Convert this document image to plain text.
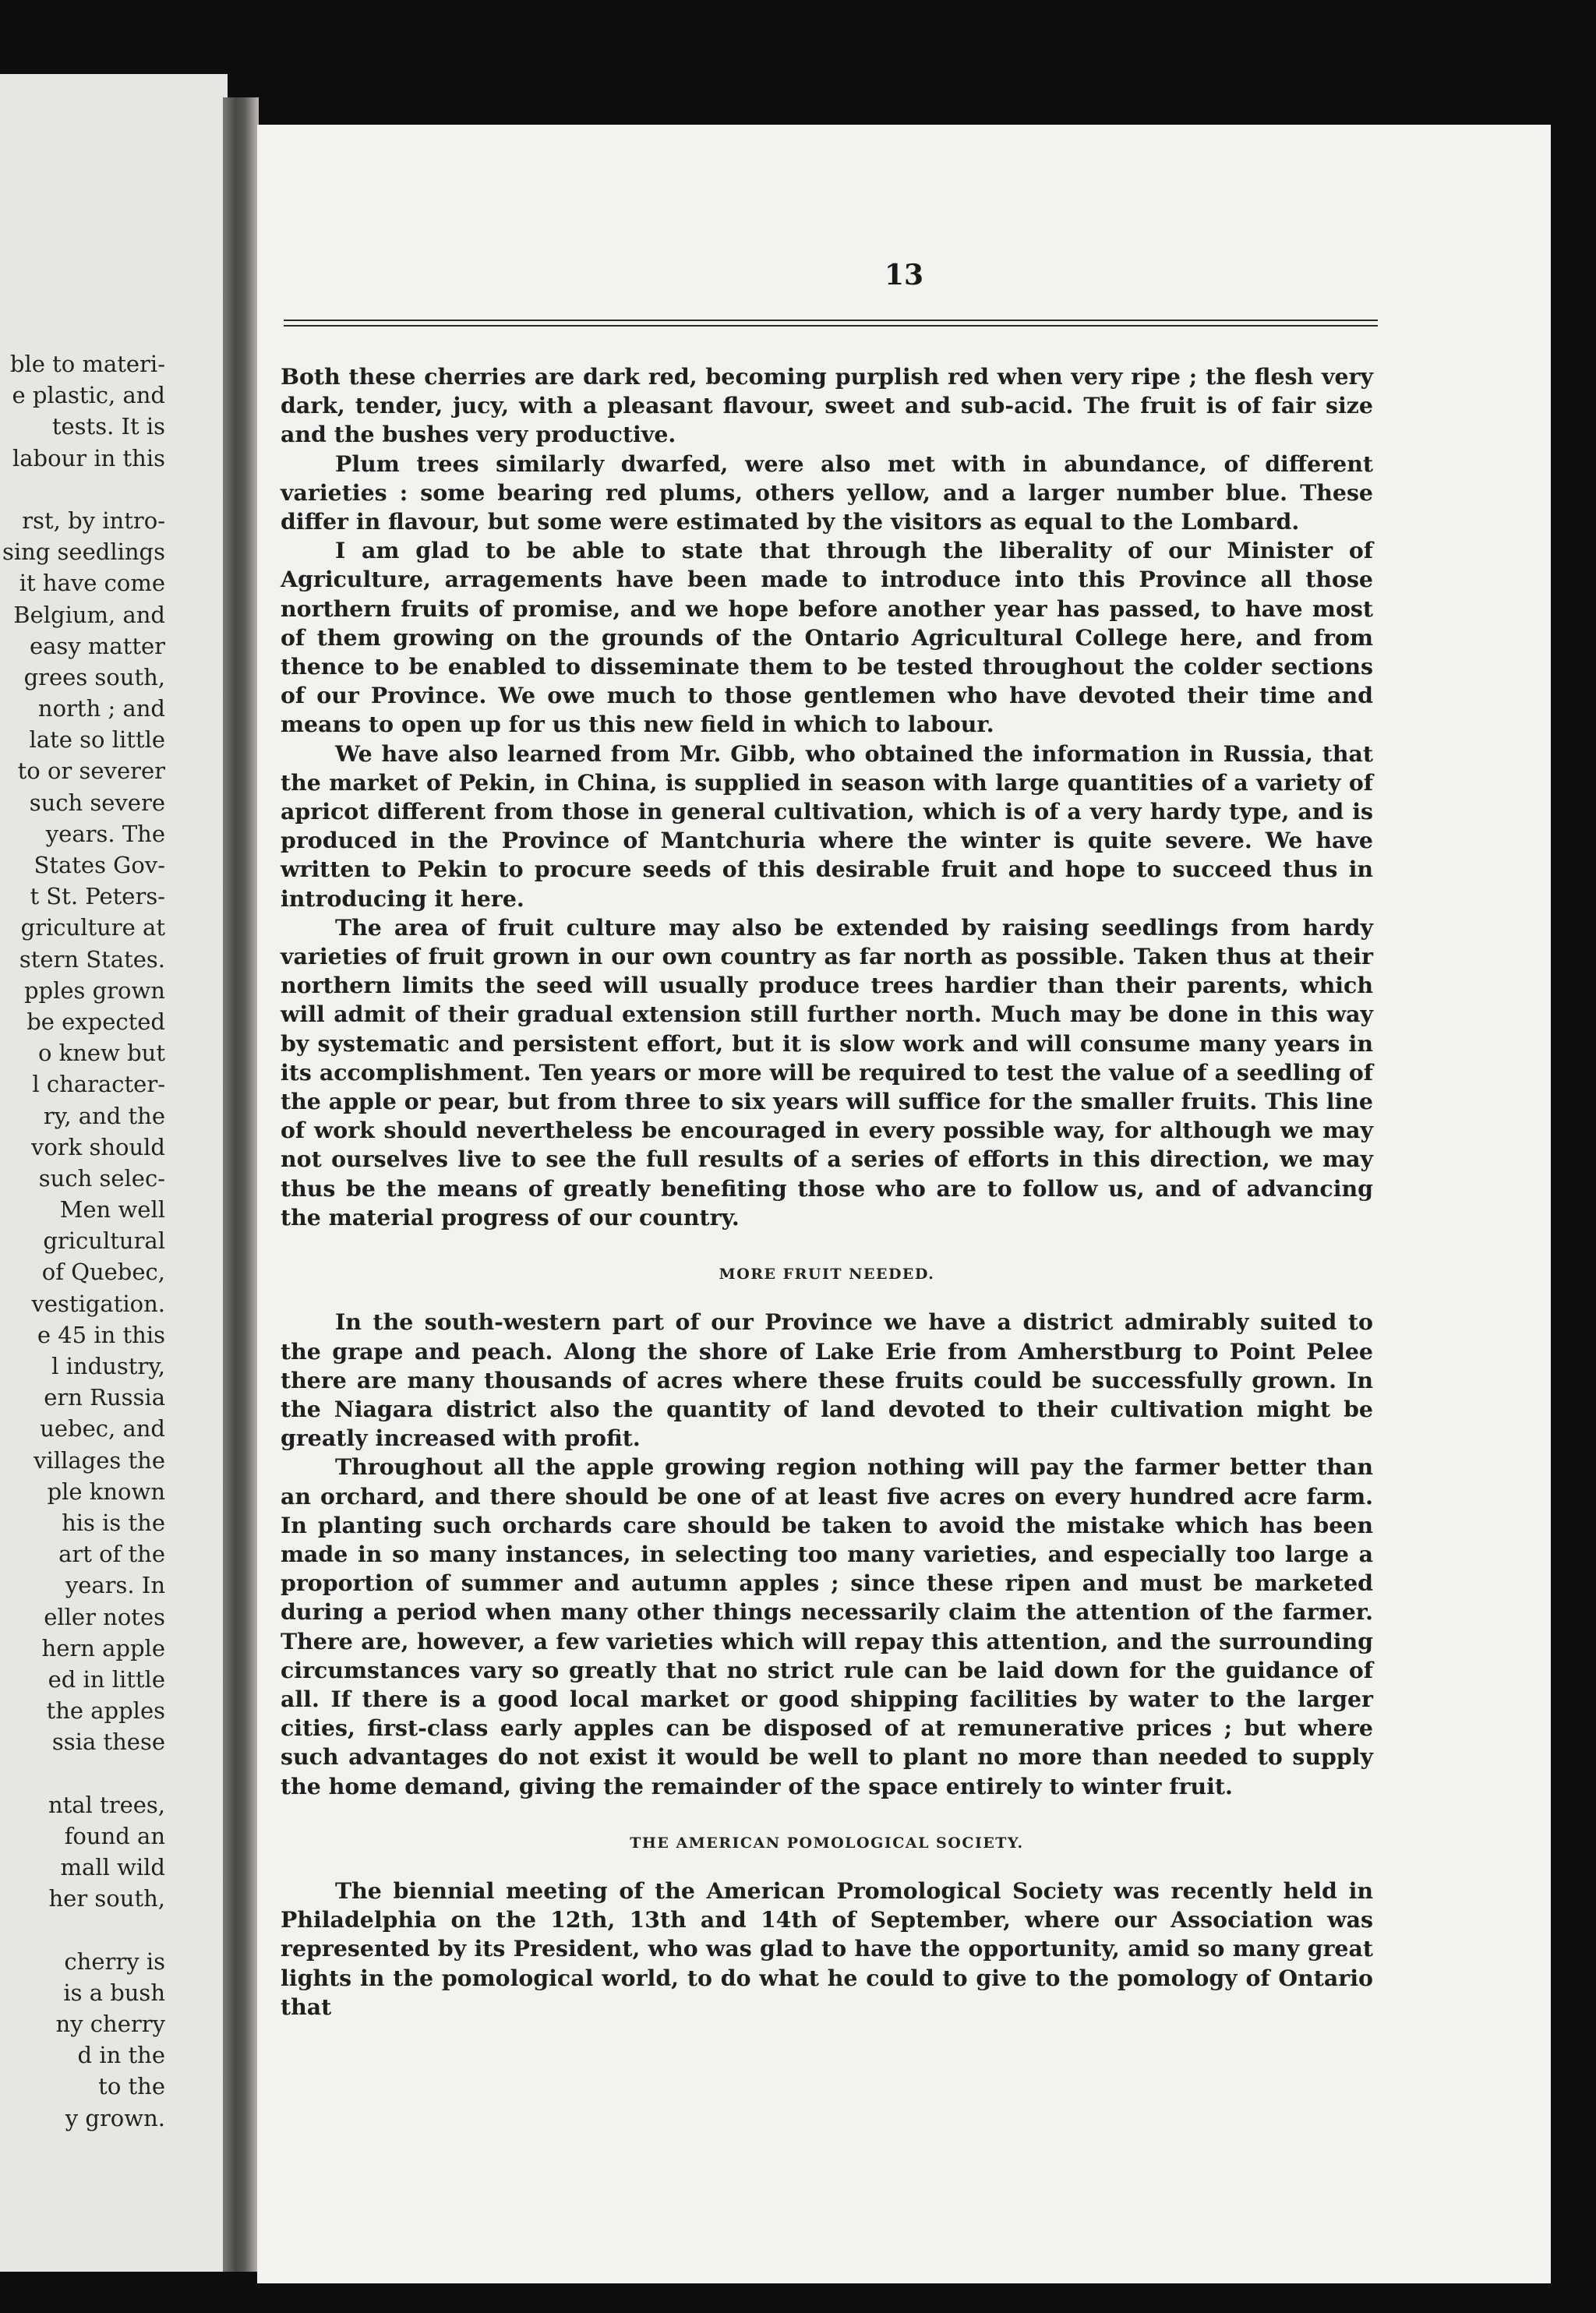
ble to materi-
e plastic, and
tests. It is
labour in this
rst, by intro-
sing seedlings
it have come
Belgium, and
easy matter
grees south,
north ; and
late so little
to or severer
such severe
years. The
States Gov-
t St. Peters-
griculture at
stern States.
pples grown
be expected
o knew but
l character-
ry, and the
vork should
such selec-
Men well
gricultural
of Quebec,
vestigation.
e 45 in this
l industry,
ern Russia
uebec, and
villages the
ple known
his is the
art of the
years. In
eller notes
hern apple
ed in little
the apples
ssia these
ntal trees,
found an
mall wild
her south,
cherry is
is a bush
ny cherry
d in the
to the
y grown.
13

Both these cherries are dark red, becoming purplish red when very ripe ; the flesh very dark, tender, jucy, with a pleasant flavour, sweet and sub-acid. The fruit is of fair size and the bushes very productive.

Plum trees similarly dwarfed, were also met with in abundance, of different varieties : some bearing red plums, others yellow, and a larger number blue. These differ in flavour, but some were estimated by the visitors as equal to the Lombard.

I am glad to be able to state that through the liberality of our Minister of Agriculture, arragements have been made to introduce into this Province all those northern fruits of promise, and we hope before another year has passed, to have most of them growing on the grounds of the Ontario Agricultural College here, and from thence to be enabled to disseminate them to be tested throughout the colder sections of our Province. We owe much to those gentlemen who have devoted their time and means to open up for us this new field in which to labour.

We have also learned from Mr. Gibb, who obtained the information in Russia, that the market of Pekin, in China, is supplied in season with large quantities of a variety of apricot different from those in general cultivation, which is of a very hardy type, and is produced in the Province of Mantchuria where the winter is quite severe. We have written to Pekin to procure seeds of this desirable fruit and hope to succeed thus in introducing it here.

The area of fruit culture may also be extended by raising seedlings from hardy varieties of fruit grown in our own country as far north as possible. Taken thus at their northern limits the seed will usually produce trees hardier than their parents, which will admit of their gradual extension still further north. Much may be done in this way by systematic and persistent effort, but it is slow work and will consume many years in its accomplishment. Ten years or more will be required to test the value of a seedling of the apple or pear, but from three to six years will suffice for the smaller fruits. This line of work should nevertheless be encouraged in every possible way, for although we may not ourselves live to see the full results of a series of efforts in this direction, we may thus be the means of greatly benefiting those who are to follow us, and of advancing the material progress of our country.

MORE FRUIT NEEDED.

In the south-western part of our Province we have a district admirably suited to the grape and peach. Along the shore of Lake Erie from Amherstburg to Point Pelee there are many thousands of acres where these fruits could be successfully grown. In the Niagara district also the quantity of land devoted to their cultivation might be greatly increased with profit.

Throughout all the apple growing region nothing will pay the farmer better than an orchard, and there should be one of at least five acres on every hundred acre farm. In planting such orchards care should be taken to avoid the mistake which has been made in so many instances, in selecting too many varieties, and especially too large a proportion of summer and autumn apples ; since these ripen and must be marketed during a period when many other things necessarily claim the attention of the farmer. There are, however, a few varieties which will repay this attention, and the surrounding circumstances vary so greatly that no strict rule can be laid down for the guidance of all. If there is a good local market or good shipping facilities by water to the larger cities, first-class early apples can be disposed of at remunerative prices ; but where such advantages do not exist it would be well to plant no more than needed to supply the home demand, giving the remainder of the space entirely to winter fruit.

THE AMERICAN POMOLOGICAL SOCIETY.

The biennial meeting of the American Promological Society was recently held in Philadelphia on the 12th, 13th and 14th of September, where our Association was represented by its President, who was glad to have the opportunity, amid so many great lights in the pomological world, to do what he could to give to the pomology of Ontario that
